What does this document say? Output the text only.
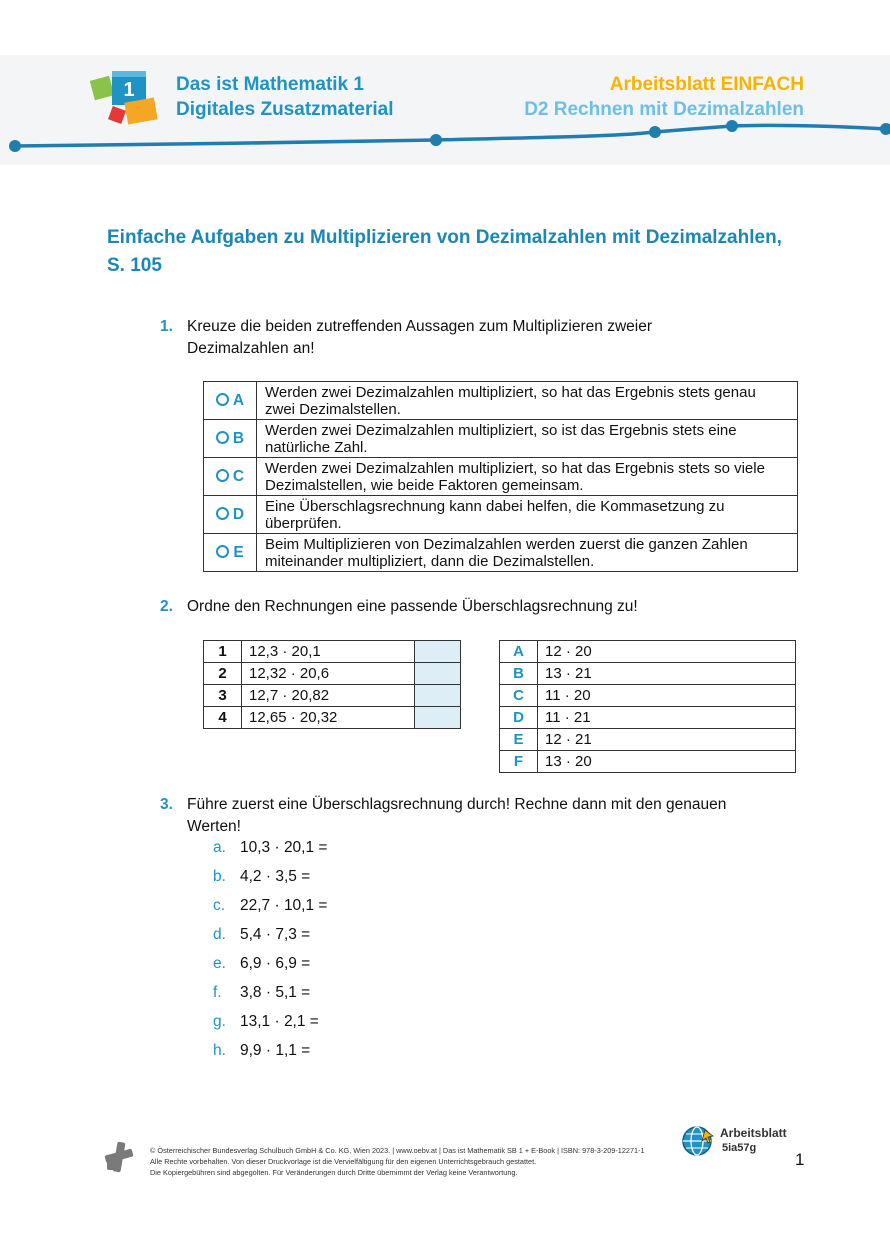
1 Das ist Mathematik 1
Digitales Zusatzmaterial
Arbeitsblatt EINFACH
D2 Rechnen mit Dezimalzahlen
Einfache Aufgaben zu Multiplizieren von Dezimalzahlen mit Dezimalzahlen, S. 105
1. Kreuze die beiden zutreffenden Aussagen zum Multiplizieren zweier
Dezimalzahlen an!
A	Werden zwei Dezimalzahlen multipliziert, so hat das Ergebnis stets genau zwei Dezimalstellen.
B	Werden zwei Dezimalzahlen multipliziert, so ist das Ergebnis stets eine natürliche Zahl.
C	Werden zwei Dezimalzahlen multipliziert, so hat das Ergebnis stets so viele Dezimalstellen, wie beide Faktoren gemeinsam.
D	Eine Überschlagsrechnung kann dabei helfen, die Kommasetzung zu überprüfen.
E	Beim Multiplizieren von Dezimalzahlen werden zuerst die ganzen Zahlen miteinander multipliziert, dann die Dezimalstellen.
2. Ordne den Rechnungen eine passende Überschlagsrechnung zu!
1	12,3 · 20,1	
2	12,32 · 20,6	
3	12,7 · 20,82	
4	12,65 · 20,32	
A	12 · 20
B	13 · 21
C	11 · 20
D	11 · 21
E	12 · 21
F	13 · 20
3. Führe zuerst eine Überschlagsrechnung durch! Rechne dann mit den genauen
Werten!
a. 10,3 · 20,1 =
b. 4,2 · 3,5 =
c. 22,7 · 10,1 =
d. 5,4 · 7,3 =
e. 6,9 · 6,9 =
f. 3,8 · 5,1 =
g. 13,1 · 2,1 =
h. 9,9 · 1,1 =
© Österreichischer Bundesverlag Schulbuch GmbH & Co. KG, Wien 2023. | www.oebv.at | Das ist Mathematik SB 1 + E-Book | ISBN: 978-3-209-12271-1
Alle Rechte vorbehalten. Von dieser Druckvorlage ist die Vervielfältigung für den eigenen Unterrichtsgebrauch gestattet.
Die Kopiergebühren sind abgegolten. Für Veränderungen durch Dritte übernimmt der Verlag keine Verantwortung.
Arbeitsblatt
5ia57g
1
